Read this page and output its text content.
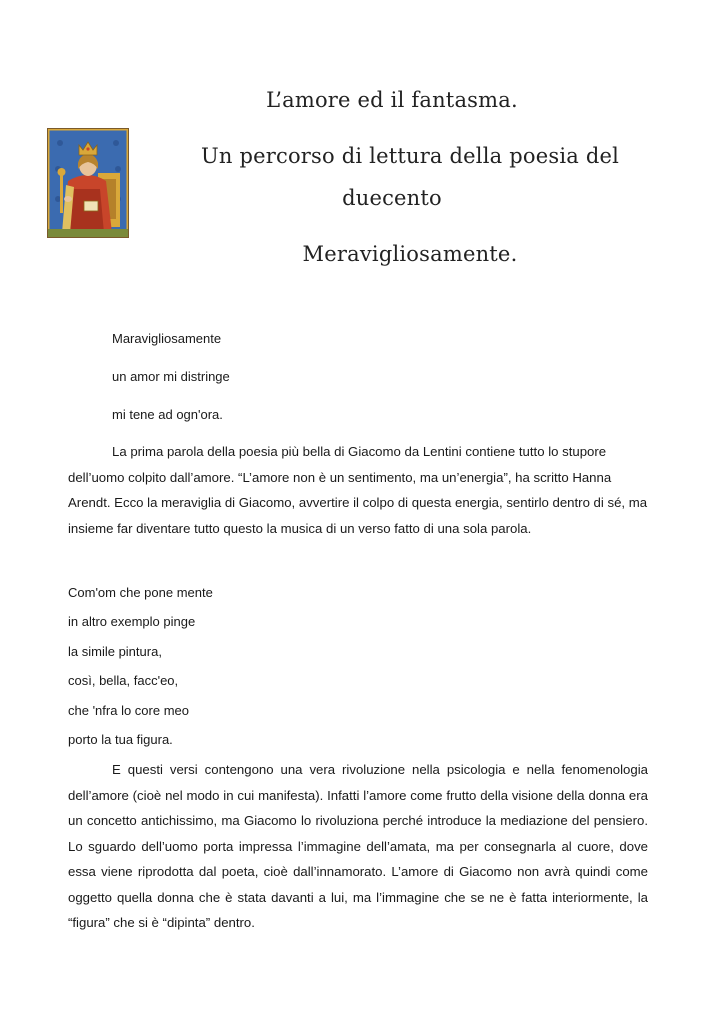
L’amore ed il fantasma.
Un percorso di lettura della poesia del
duecento
Meravigliosamente.

Maravigliosamente

un amor mi distringe

mi tene ad ogn'ora.

La prima parola della poesia più bella di Giacomo da Lentini contiene tutto lo stupore dell’uomo colpito dall’amore. “L’amore non è un sentimento, ma un’energia”, ha scritto Hanna Arendt. Ecco la meraviglia di Giacomo, avvertire il colpo di questa energia, sentirlo dentro di sé, ma insieme far diventare tutto questo la musica di un verso fatto di una sola parola.

Com'om che pone mente

in altro exemplo pinge

la simile pintura,

così, bella, facc'eo,

che 'nfra lo core meo

porto la tua figura.

E questi versi contengono una vera rivoluzione nella psicologia e nella fenomenologia dell’amore (cioè nel modo in cui manifesta). Infatti l’amore come frutto della visione della donna era un concetto antichissimo, ma Giacomo lo rivoluziona perché introduce la mediazione del pensiero. Lo sguardo dell’uomo porta impressa l’immagine dell’amata, ma per consegnarla al cuore, dove essa viene riprodotta dal poeta, cioè dall’innamorato. L’amore di Giacomo non avrà quindi come oggetto quella donna che è stata davanti a lui, ma l’immagine che se ne è fatta interiormente, la “figura” che si è “dipinta” dentro.
